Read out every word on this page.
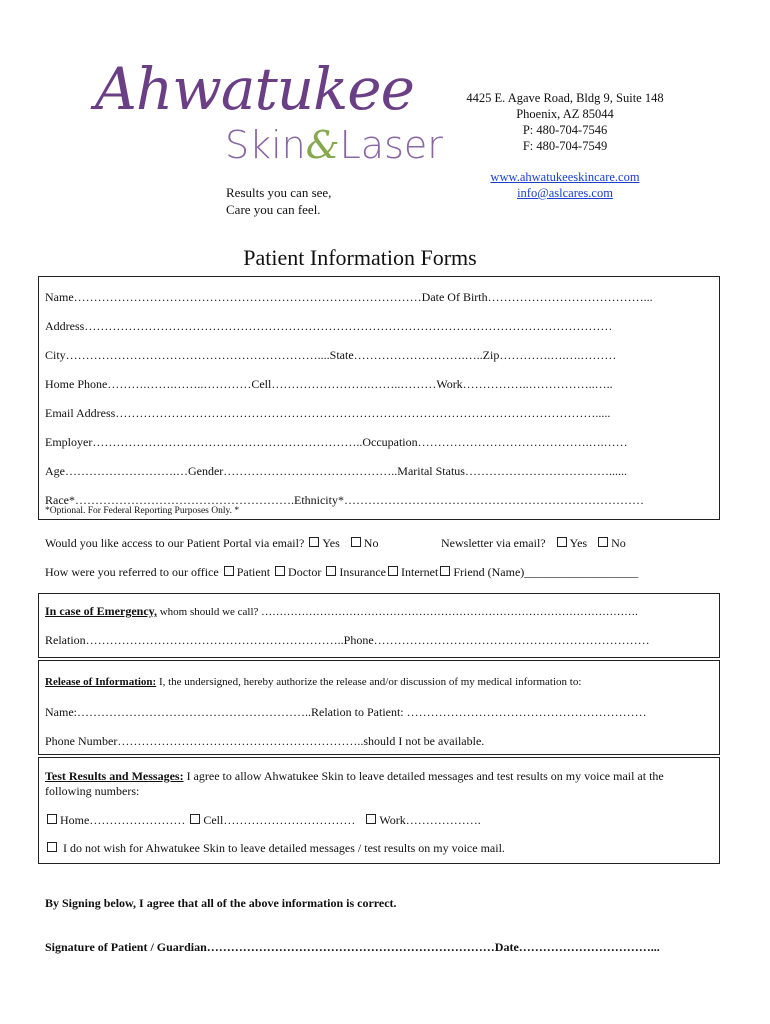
Ahwatukee
Skin&Laser
Results you can see,
Care you can feel.
4425 E. Agave Road, Bldg 9, Suite 148
Phoenix, AZ 85044
P: 480-704-7546
F: 480-704-7549
www.ahwatukeeskincare.com
info@aslcares.com
Patient Information Forms
Name……………………………………………………………………………Date Of Birth…………………………………...
Address……………………………………………………………………………………………………………………
City………………………………………………………....State……………………….…..Zip………….….….………
Home Phone……….…….……..…………Cell…………………….……..………Work……………..……………..…..
Email Address………………………………………………………………………………………………………….....
Employer…………………………………………………………..Occupation…………………………………….….……
Age……………………….…Gender……………………………………..Marital Status………………………………......
Race*……………………………………………….Ethnicity*…………………………………………………………………
*Optional. For Federal Reporting Purposes Only. *
Would you like access to our Patient Portal via email? Yes No	Newsletter via email? Yes No
How were you referred to our office Patient Doctor Insurance Internet Friend (Name)___________________
In case of Emergency, whom should we call? ………………………………………………………………………………………….
Relation………………………………………………………..Phone……………………………………………………………
Release of Information: I, the undersigned, hereby authorize the release and/or discussion of my medical information to:
Name:…………………………………………………..Relation to Patient: ……………………………………………………
Phone Number……………………………………………………..should I not be available.
Test Results and Messages: I agree to allow Ahwatukee Skin to leave detailed messages and test results on my voice mail at the
following numbers:
Home…………………… Cell…………………………… Work……………….
I do not wish for Ahwatukee Skin to leave detailed messages / test results on my voice mail.
By Signing below, I agree that all of the above information is correct.
Signature of Patient / Guardian………………………………………………………………Date……………………………...
